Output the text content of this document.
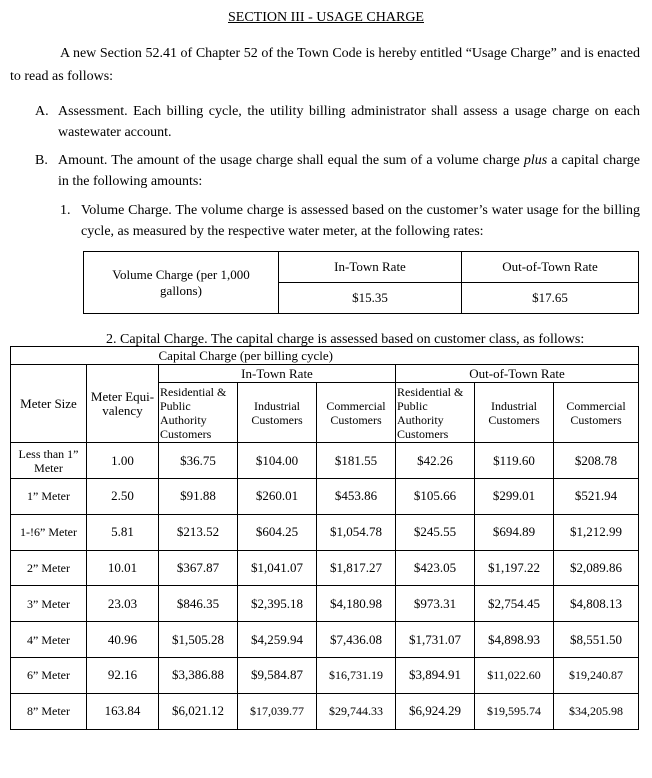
SECTION III - USAGE CHARGE
A new Section 52.41 of Chapter 52 of the Town Code is hereby entitled “Usage Charge” and is enacted to read as follows:
A. Assessment. Each billing cycle, the utility billing administrator shall assess a usage charge on each wastewater account.
B. Amount. The amount of the usage charge shall equal the sum of a volume charge plus a capital charge in the following amounts:
1. Volume Charge. The volume charge is assessed based on the customer’s water usage for the billing cycle, as measured by the respective water meter, at the following rates:
Volume Charge (per 1,000 gallons)	In-Town Rate	Out-of-Town Rate
	$15.35	$17.65
2. Capital Charge. The capital charge is assessed based on customer class, as follows:
		Capital Charge (per billing cycle)					
Meter Size	Meter Equi-valency	In-Town Rate			Out-of-Town Rate		
		Residential & Public Authority Customers	Industrial Customers	Commercial Customers	Residential & Public Authority Customers	Industrial Customers	Commercial Customers
Less than 1” Meter	1.00	$36.75	$104.00	$181.55	$42.26	$119.60	$208.78
1” Meter	2.50	$91.88	$260.01	$453.86	$105.66	$299.01	$521.94
1-!6” Meter	5.81	$213.52	$604.25	$1,054.78	$245.55	$694.89	$1,212.99
2” Meter	10.01	$367.87	$1,041.07	$1,817.27	$423.05	$1,197.22	$2,089.86
3” Meter	23.03	$846.35	$2,395.18	$4,180.98	$973.31	$2,754.45	$4,808.13
4” Meter	40.96	$1,505.28	$4,259.94	$7,436.08	$1,731.07	$4,898.93	$8,551.50
6” Meter	92.16	$3,386.88	$9,584.87	$16,731.19	$3,894.91	$11,022.60	$19,240.87
8” Meter	163.84	$6,021.12	$17,039.77	$29,744.33	$6,924.29	$19,595.74	$34,205.98
